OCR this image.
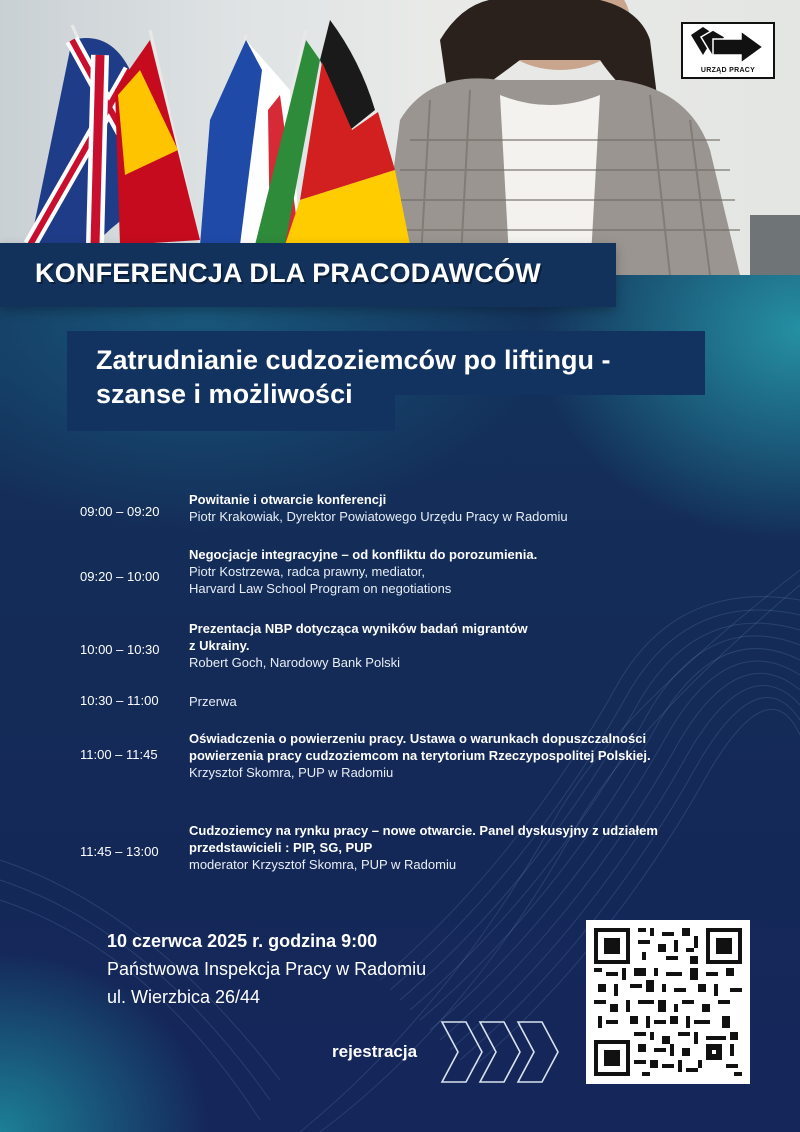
URZĄD PRACY
KONFERENCJA DLA PRACODAWCÓW
Zatrudnianie cudzoziemców po liftingu -
szanse i możliwości
09:00 – 09:20
Powitanie i otwarcie konferencji
Piotr Krakowiak, Dyrektor Powiatowego Urzędu Pracy w Radomiu
09:20 – 10:00
Negocjacje integracyjne – od konfliktu do porozumienia.
Piotr Kostrzewa, radca prawny, mediator,
Harvard Law School Program on negotiations
10:00 – 10:30
Prezentacja NBP dotycząca wyników badań migrantów
z Ukrainy.
Robert Goch, Narodowy Bank Polski
10:30 – 11:00 Przerwa
11:00 – 11:45
Oświadczenia o powierzeniu pracy. Ustawa o warunkach dopuszczalności
powierzenia pracy cudzoziemcom na terytorium Rzeczypospolitej Polskiej.
Krzysztof Skomra, PUP w Radomiu
11:45 – 13:00
Cudzoziemcy na rynku pracy – nowe otwarcie. Panel dyskusyjny z udziałem
przedstawicieli : PIP, SG, PUP
moderator Krzysztof Skomra, PUP w Radomiu
10 czerwca 2025 r. godzina 9:00
Państwowa Inspekcja Pracy w Radomiu
ul. Wierzbica 26/44
rejestracja
